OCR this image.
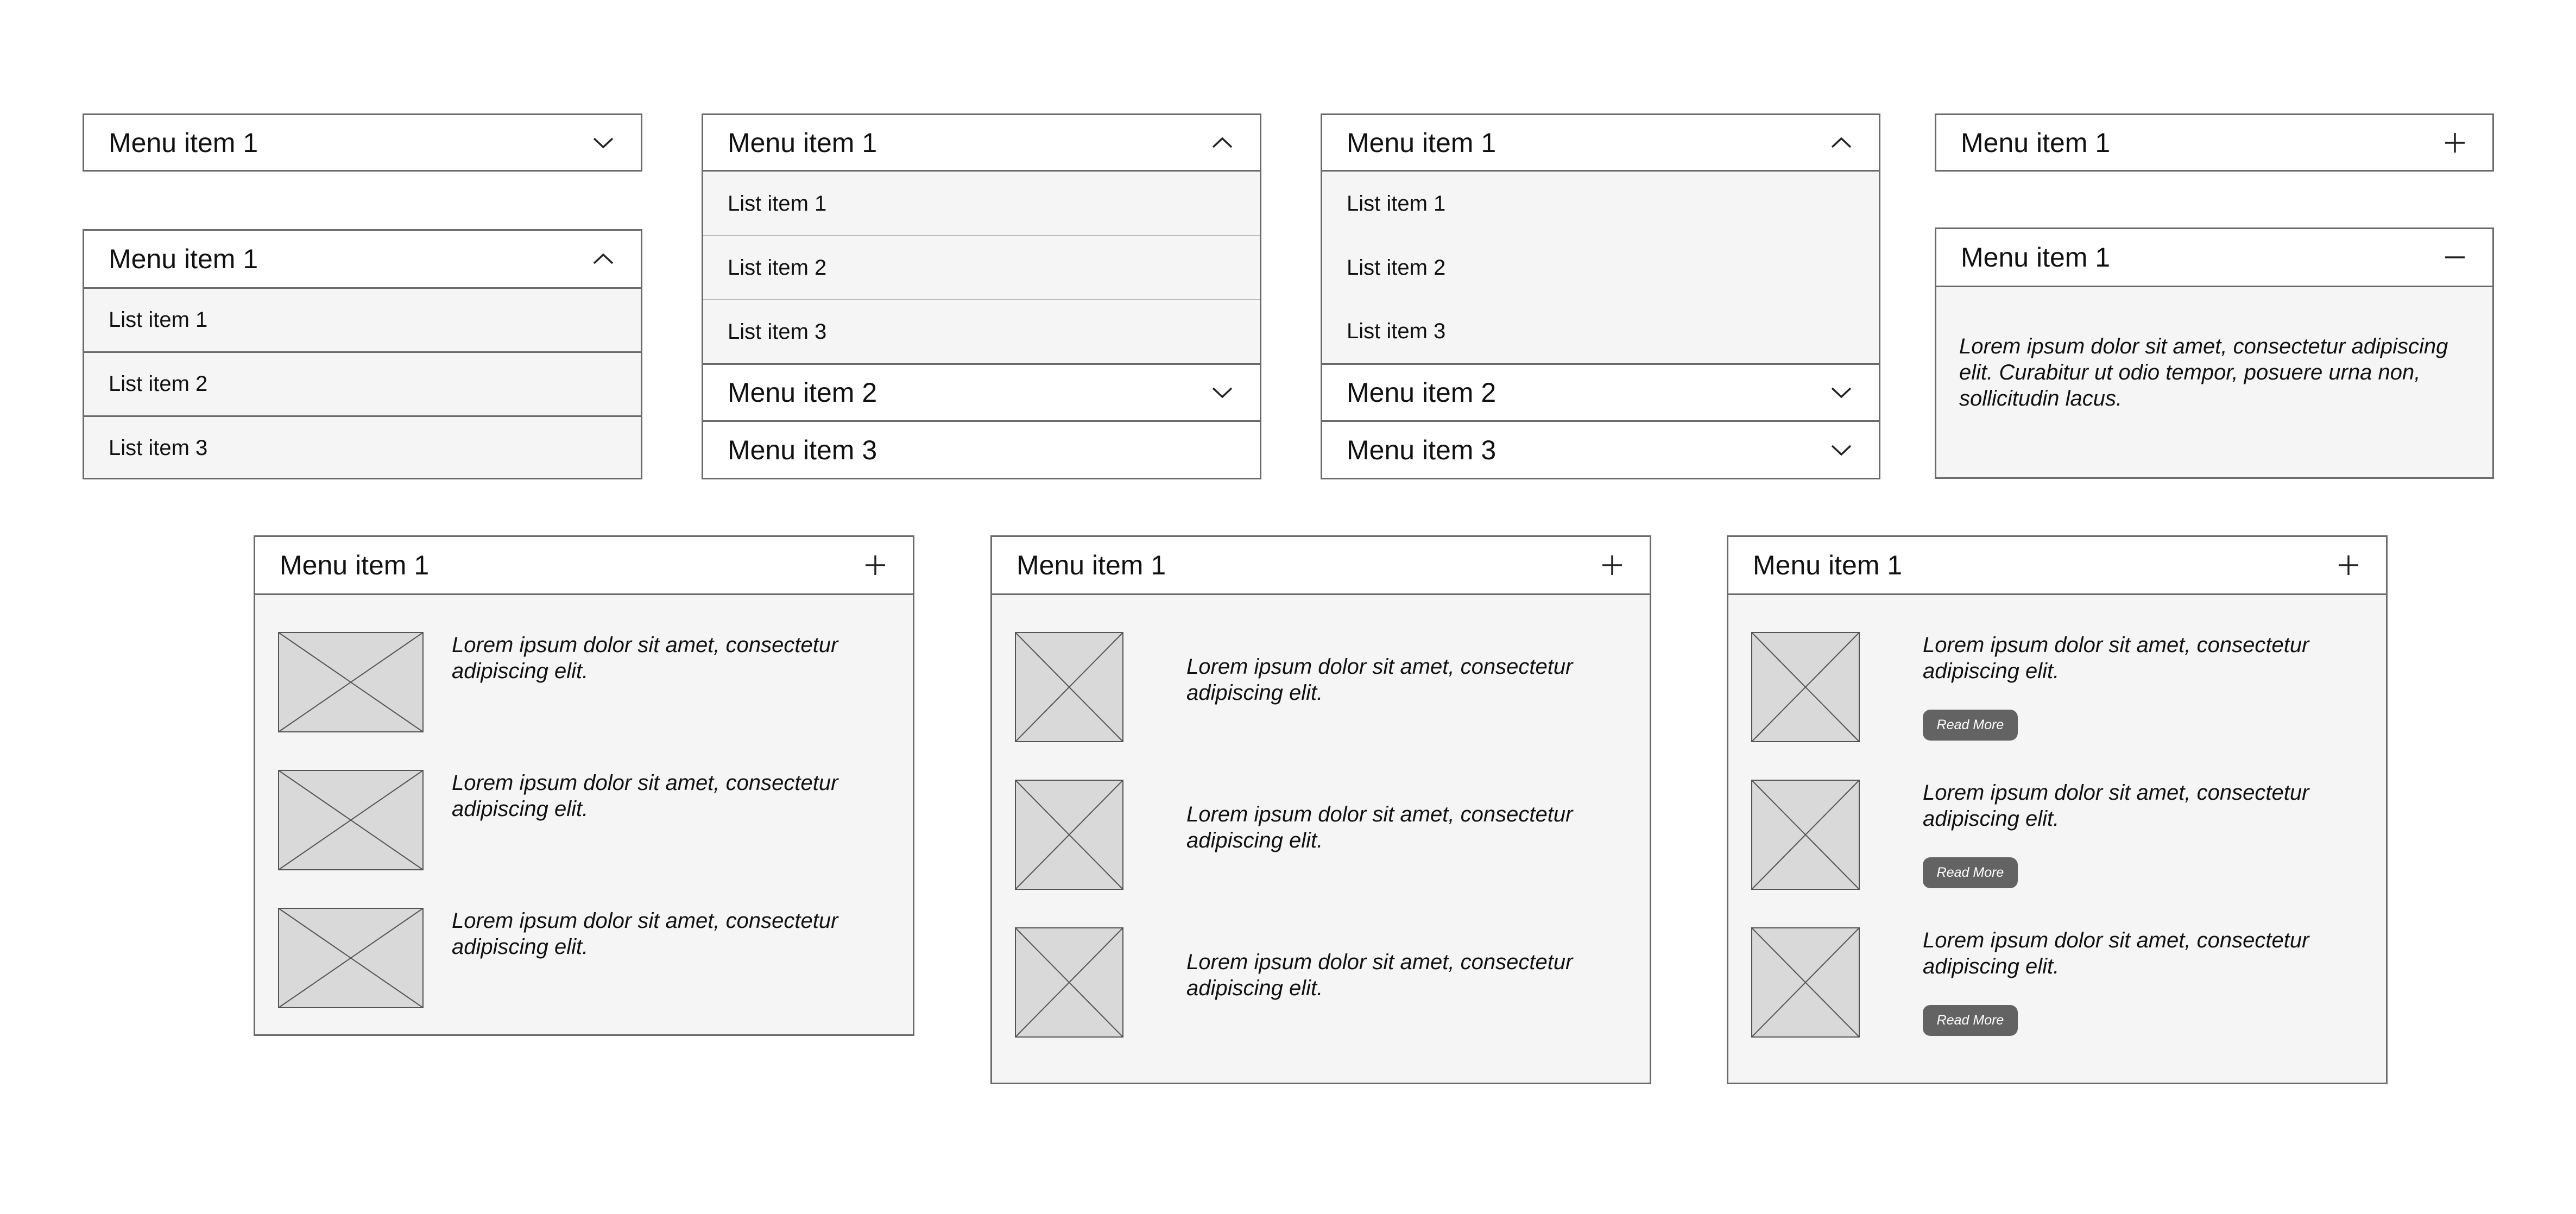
Menu item 1
Menu item 1
List item 1
List item 2
List item 3
Menu item 1
List item 1
List item 2
List item 3
Menu item 2
Menu item 3
Menu item 1
List item 1
List item 2
List item 3
Menu item 2
Menu item 3
Menu item 1
Menu item 1
Lorem ipsum dolor sit amet, consectetur adipiscing elit. Curabitur ut odio tempor, posuere urna non, sollicitudin lacus.
Menu item 1
Lorem ipsum dolor sit amet, consectetur adipiscing elit.
Lorem ipsum dolor sit amet, consectetur adipiscing elit.
Lorem ipsum dolor sit amet, consectetur adipiscing elit.
Menu item 1
Lorem ipsum dolor sit amet, consectetur adipiscing elit.
Lorem ipsum dolor sit amet, consectetur adipiscing elit.
Lorem ipsum dolor sit amet, consectetur adipiscing elit.
Menu item 1
Lorem ipsum dolor sit amet, consectetur adipiscing elit.
Read More
Lorem ipsum dolor sit amet, consectetur adipiscing elit.
Read More
Lorem ipsum dolor sit amet, consectetur adipiscing elit.
Read More
